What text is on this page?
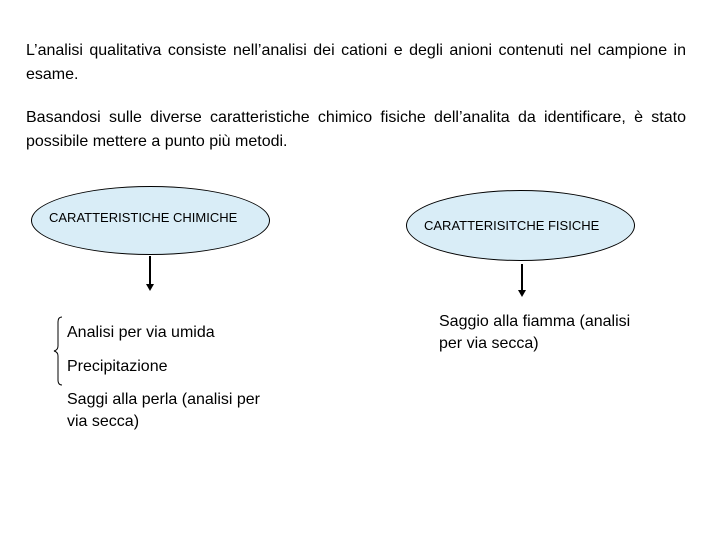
L’analisi qualitativa consiste nell’analisi dei cationi e degli anioni contenuti nel campione in esame.

Basandosi sulle diverse caratteristiche chimico fisiche dell’analita da identificare, è stato possibile mettere a punto più metodi.

CARATTERISTICHE CHIMICHE
CARATTERISITCHE FISICHE

Analisi per via umida

Precipitazione

Saggi alla perla (analisi per via secca)

Saggio alla fiamma (analisi per via secca)
